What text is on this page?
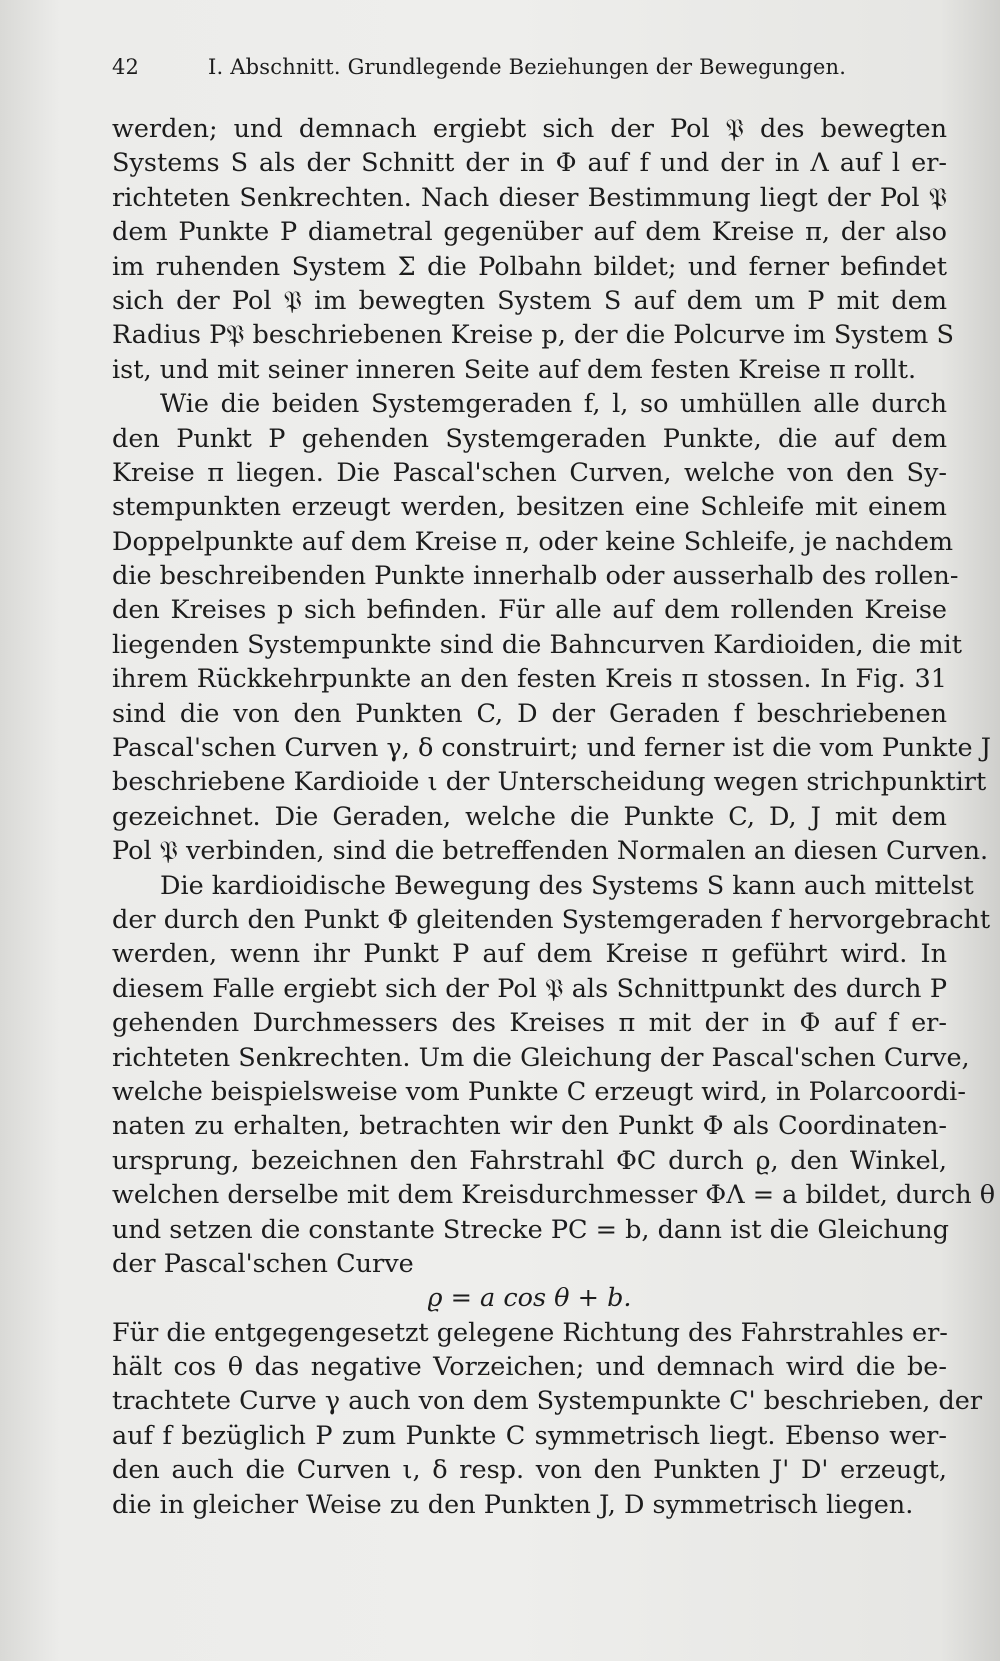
42	I. Abschnitt. Grundlegende Beziehungen der Bewegungen.
werden; und demnach ergiebt sich der Pol 𝔓 des bewegten
Systems S als der Schnitt der in Φ auf f und der in Λ auf l er-
richteten Senkrechten. Nach dieser Bestimmung liegt der Pol 𝔓
dem Punkte P diametral gegenüber auf dem Kreise π, der also
im ruhenden System Σ die Polbahn bildet; und ferner befindet
sich der Pol 𝔓 im bewegten System S auf dem um P mit dem
Radius P𝔓 beschriebenen Kreise p, der die Polcurve im System S
ist, und mit seiner inneren Seite auf dem festen Kreise π rollt.
Wie die beiden Systemgeraden f, l, so umhüllen alle durch
den Punkt P gehenden Systemgeraden Punkte, die auf dem
Kreise π liegen. Die Pascal'schen Curven, welche von den Sy-
stempunkten erzeugt werden, besitzen eine Schleife mit einem
Doppelpunkte auf dem Kreise π, oder keine Schleife, je nachdem
die beschreibenden Punkte innerhalb oder ausserhalb des rollen-
den Kreises p sich befinden. Für alle auf dem rollenden Kreise
liegenden Systempunkte sind die Bahncurven Kardioiden, die mit
ihrem Rückkehrpunkte an den festen Kreis π stossen. In Fig. 31
sind die von den Punkten C, D der Geraden f beschriebenen
Pascal'schen Curven γ, δ construirt; und ferner ist die vom Punkte J
beschriebene Kardioide ι der Unterscheidung wegen strichpunktirt
gezeichnet. Die Geraden, welche die Punkte C, D, J mit dem
Pol 𝔓 verbinden, sind die betreffenden Normalen an diesen Curven.
Die kardioidische Bewegung des Systems S kann auch mittelst
der durch den Punkt Φ gleitenden Systemgeraden f hervorgebracht
werden, wenn ihr Punkt P auf dem Kreise π geführt wird. In
diesem Falle ergiebt sich der Pol 𝔓 als Schnittpunkt des durch P
gehenden Durchmessers des Kreises π mit der in Φ auf f er-
richteten Senkrechten. Um die Gleichung der Pascal'schen Curve,
welche beispielsweise vom Punkte C erzeugt wird, in Polarcoordi-
naten zu erhalten, betrachten wir den Punkt Φ als Coordinaten-
ursprung, bezeichnen den Fahrstrahl ΦC durch ϱ, den Winkel,
welchen derselbe mit dem Kreisdurchmesser ΦΛ = a bildet, durch θ
und setzen die constante Strecke PC = b, dann ist die Gleichung
der Pascal'schen Curve
ϱ = a cos θ + b.
Für die entgegengesetzt gelegene Richtung des Fahrstrahles er-
hält cos θ das negative Vorzeichen; und demnach wird die be-
trachtete Curve γ auch von dem Systempunkte C' beschrieben, der
auf f bezüglich P zum Punkte C symmetrisch liegt. Ebenso wer-
den auch die Curven ι, δ resp. von den Punkten J' D' erzeugt,
die in gleicher Weise zu den Punkten J, D symmetrisch liegen.
